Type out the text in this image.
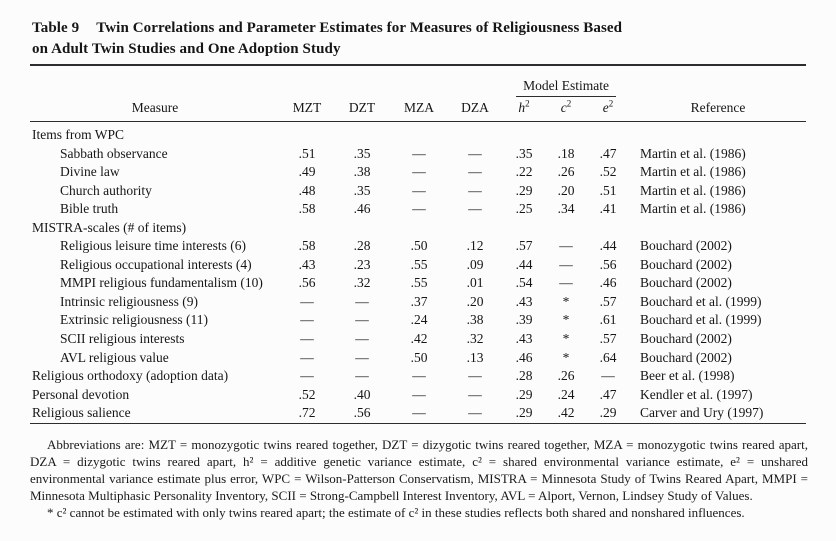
Table 9 Twin Correlations and Parameter Estimates for Measures of Religiousness Based
on Adult Twin Studies and One Adoption Study

					Model Estimate			
Measure	MZT	DZT	MZA	DZA	$h^2$	$c^2$	$e^2$	Reference
Items from WPC								
Sabbath observance	.51	.35	—	—	.35	.18	.47	Martin et al. (1986)
Divine law	.49	.38	—	—	.22	.26	.52	Martin et al. (1986)
Church authority	.48	.35	—	—	.29	.20	.51	Martin et al. (1986)
Bible truth	.58	.46	—	—	.25	.34	.41	Martin et al. (1986)
MISTRA-scales (# of items)								
Religious leisure time interests (6)	.58	.28	.50	.12	.57	—	.44	Bouchard (2002)
Religious occupational interests (4)	.43	.23	.55	.09	.44	—	.56	Bouchard (2002)
MMPI religious fundamentalism (10)	.56	.32	.55	.01	.54	—	.46	Bouchard (2002)
Intrinsic religiousness (9)	—	—	.37	.20	.43	*	.57	Bouchard et al. (1999)
Extrinsic religiousness (11)	—	—	.24	.38	.39	*	.61	Bouchard et al. (1999)
SCII religious interests	—	—	.42	.32	.43	*	.57	Bouchard (2002)
AVL religious value	—	—	.50	.13	.46	*	.64	Bouchard (2002)
Religious orthodoxy (adoption data)	—	—	—	—	.28	.26	—	Beer et al. (1998)
Personal devotion	.52	.40	—	—	.29	.24	.47	Kendler et al. (1997)
Religious salience	.72	.56	—	—	.29	.42	.29	Carver and Ury (1997)

Abbreviations are: MZT = monozygotic twins reared together, DZT = dizygotic twins reared together, MZA = monozygotic twins reared apart, DZA = dizygotic twins reared apart, h² = additive genetic variance estimate, c² = shared environmental variance estimate, e² = unshared environmental variance estimate plus error, WPC = Wilson-Patterson Conservatism, MISTRA = Minnesota Study of Twins Reared Apart, MMPI = Minnesota Multiphasic Personality Inventory, SCII = Strong-Campbell Interest Inventory, AVL = Alport, Vernon, Lindsey Study of Values.

* c² cannot be estimated with only twins reared apart; the estimate of c² in these studies reflects both shared and nonshared influences.
